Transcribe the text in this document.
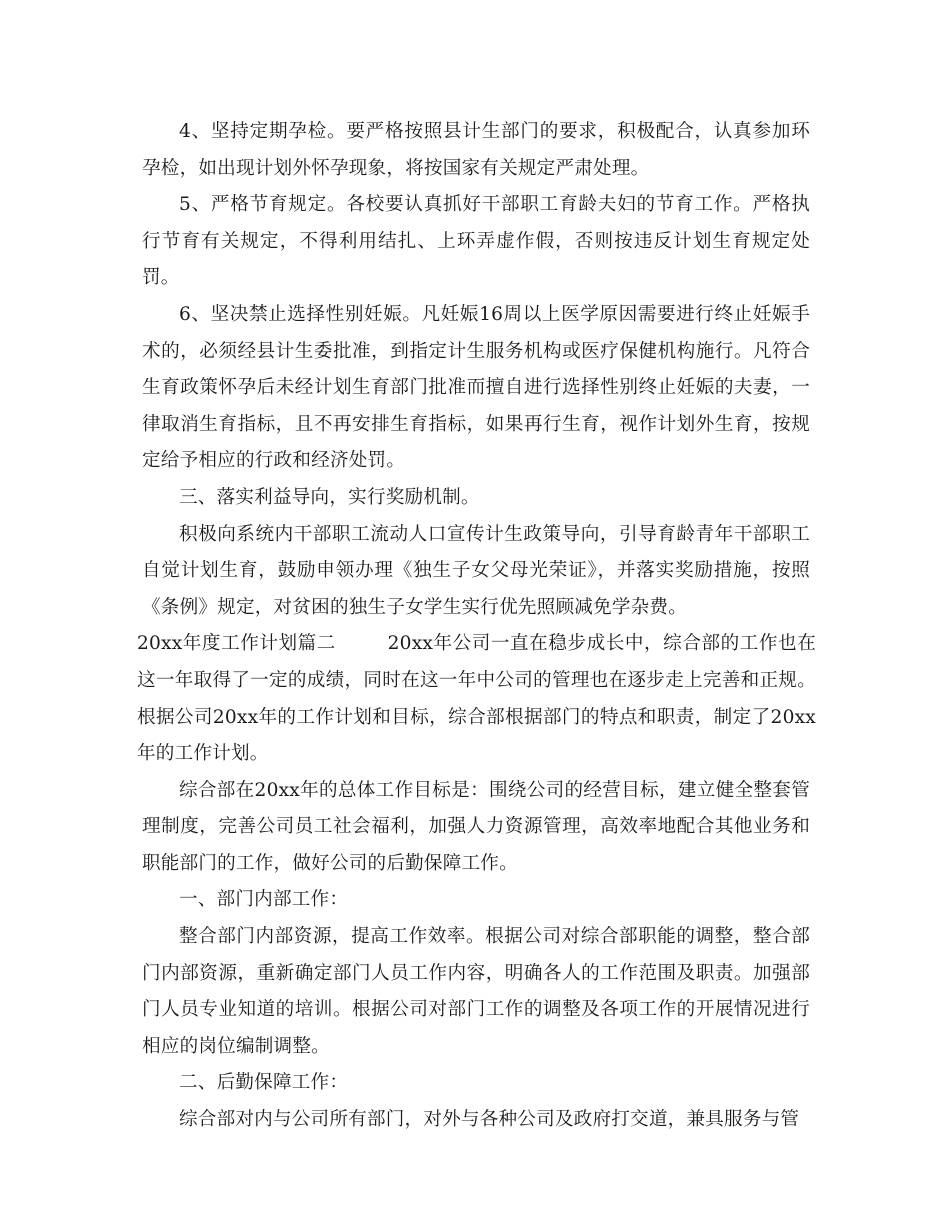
4、坚持定期孕检。要严格按照县计生部门的要求，积极配合，认真参加环孕检，如出现计划外怀孕现象，将按国家有关规定严肃处理。

5、严格节育规定。各校要认真抓好干部职工育龄夫妇的节育工作。严格执行节育有关规定，不得利用结扎、上环弄虚作假，否则按违反计划生育规定处罚。

6、坚决禁止选择性别妊娠。凡妊娠16周以上医学原因需要进行终止妊娠手术的，必须经县计生委批准，到指定计生服务机构或医疗保健机构施行。凡符合生育政策怀孕后未经计划生育部门批准而擅自进行选择性别终止妊娠的夫妻，一律取消生育指标，且不再安排生育指标，如果再行生育，视作计划外生育，按规定给予相应的行政和经济处罚。

三、落实利益导向，实行奖励机制。

积极向系统内干部职工流动人口宣传计生政策导向，引导育龄青年干部职工自觉计划生育，鼓励申领办理《独生子女父母光荣证》，并落实奖励措施，按照《条例》规定，对贫困的独生子女学生实行优先照顾减免学杂费。

20xx年度工作计划篇二	20xx年公司一直在稳步成长中，综合部的工作也在这一年取得了一定的成绩，同时在这一年中公司的管理也在逐步走上完善和正规。根据公司20xx年的工作计划和目标，综合部根据部门的特点和职责，制定了20xx年的工作计划。

综合部在20xx年的总体工作目标是：围绕公司的经营目标，建立健全整套管理制度，完善公司员工社会福利，加强人力资源管理，高效率地配合其他业务和职能部门的工作，做好公司的后勤保障工作。

一、部门内部工作：

整合部门内部资源，提高工作效率。根据公司对综合部职能的调整，整合部门内部资源，重新确定部门人员工作内容，明确各人的工作范围及职责。加强部门人员专业知道的培训。根据公司对部门工作的调整及各项工作的开展情况进行相应的岗位编制调整。

二、后勤保障工作：

综合部对内与公司所有部门，对外与各种公司及政府打交道，兼具服务与管
